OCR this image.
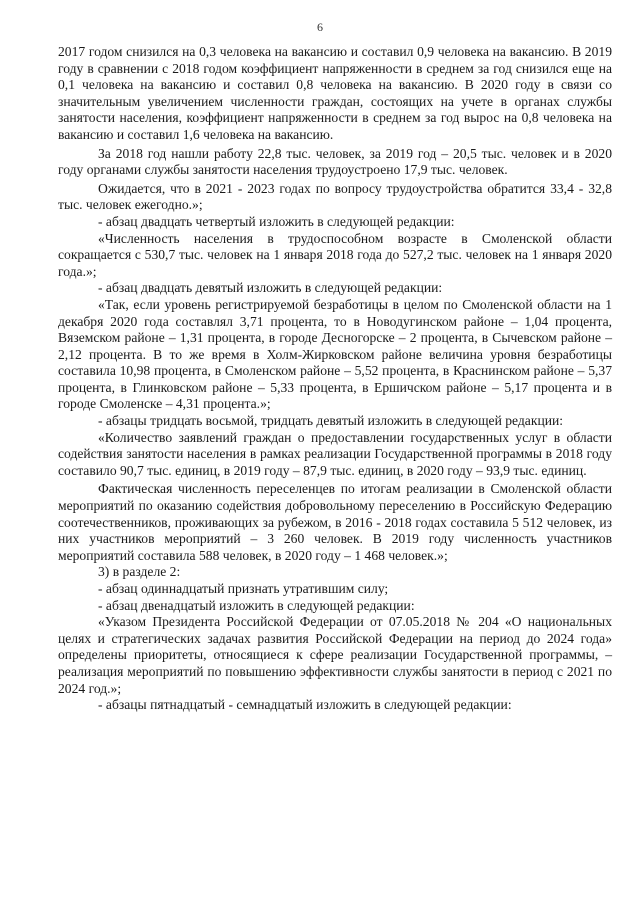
6

2017 годом снизился на 0,3 человека на вакансию и составил 0,9 человека на вакансию. В 2019 году в сравнении с 2018 годом коэффициент напряженности в среднем за год снизился еще на 0,1 человека на вакансию и составил 0,8 человека на вакансию. В 2020 году в связи со значительным увеличением численности граждан, состоящих на учете в органах службы занятости населения, коэффициент напряженности в среднем за год вырос на 0,8 человека на вакансию и составил 1,6 человека на вакансию.

За 2018 год нашли работу 22,8 тыс. человек, за 2019 год – 20,5 тыс. человек и в 2020 году органами службы занятости населения трудоустроено 17,9 тыс. человек.

Ожидается, что в 2021 - 2023 годах по вопросу трудоустройства обратится 33,4 - 32,8 тыс. человек ежегодно.»;

- абзац двадцать четвертый изложить в следующей редакции:

«Численность населения в трудоспособном возрасте в Смоленской области сокращается с 530,7 тыс. человек на 1 января 2018 года до 527,2 тыс. человек на 1 января 2020 года.»;

- абзац двадцать девятый изложить в следующей редакции:

«Так, если уровень регистрируемой безработицы в целом по Смоленской области на 1 декабря 2020 года составлял 3,71 процента, то в Новодугинском районе – 1,04 процента, Вяземском районе – 1,31 процента, в городе Десногорске – 2 процента, в Сычевском районе – 2,12 процента. В то же время в Холм-Жирковском районе величина уровня безработицы составила 10,98 процента, в Смоленском районе – 5,52 процента, в Краснинском районе – 5,37 процента, в Глинковском районе – 5,33 процента, в Ершичском районе – 5,17 процента и в городе Смоленске – 4,31 процента.»;

- абзацы тридцать восьмой, тридцать девятый изложить в следующей редакции:

«Количество заявлений граждан о предоставлении государственных услуг в области содействия занятости населения в рамках реализации Государственной программы в 2018 году составило 90,7 тыс. единиц, в 2019 году – 87,9 тыс. единиц, в 2020 году – 93,9 тыс. единиц.

Фактическая численность переселенцев по итогам реализации в Смоленской области мероприятий по оказанию содействия добровольному переселению в Российскую Федерацию соотечественников, проживающих за рубежом, в 2016 - 2018 годах составила 5 512 человек, из них участников мероприятий – 3 260 человек. В 2019 году численность участников мероприятий составила 588 человек, в 2020 году – 1 468 человек.»;

3) в разделе 2:

- абзац одиннадцатый признать утратившим силу;

- абзац двенадцатый изложить в следующей редакции:

«Указом Президента Российской Федерации от 07.05.2018 № 204 «О национальных целях и стратегических задачах развития Российской Федерации на период до 2024 года» определены приоритеты, относящиеся к сфере реализации Государственной программы, – реализация мероприятий по повышению эффективности службы занятости в период с 2021 по 2024 год.»;

- абзацы пятнадцатый - семнадцатый изложить в следующей редакции:
